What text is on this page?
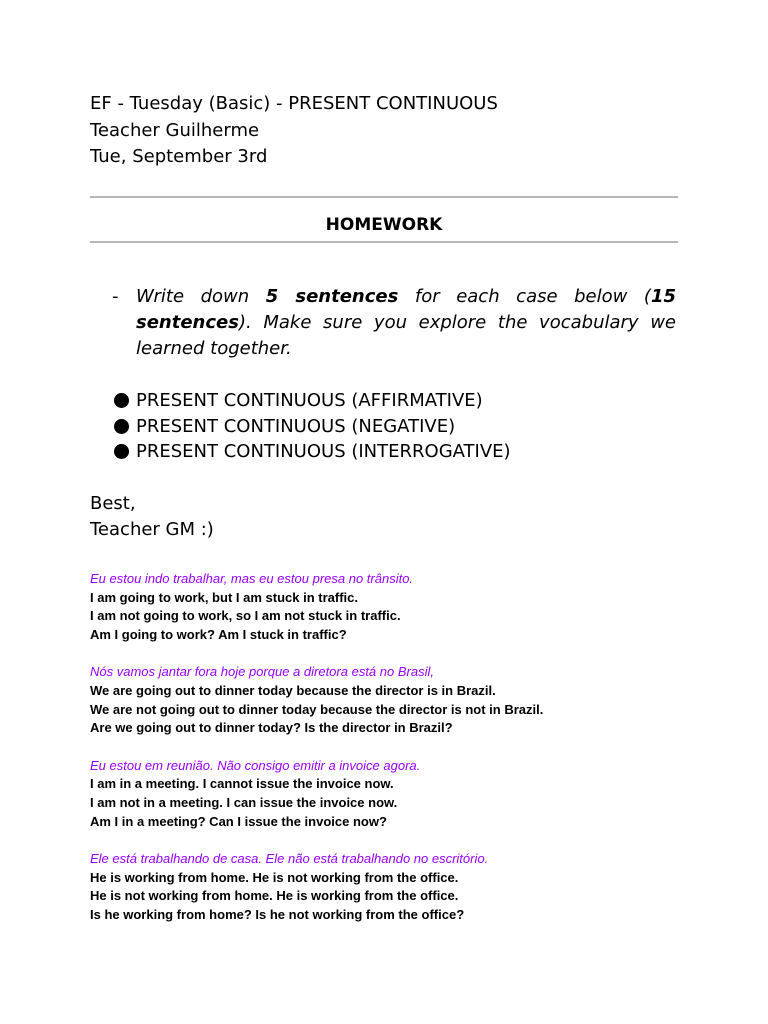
EF - Tuesday (Basic) - PRESENT CONTINUOUS
Teacher Guilherme
Tue, September 3rd
HOMEWORK
- Write down 5 sentences for each case below (15 sentences). Make sure you explore the vocabulary we learned together.
PRESENT CONTINUOUS (AFFIRMATIVE)
PRESENT CONTINUOUS (NEGATIVE)
PRESENT CONTINUOUS (INTERROGATIVE)
Best,
Teacher GM :)
Eu estou indo trabalhar, mas eu estou presa no trânsito.
I am going to work, but I am stuck in traffic.
I am not going to work, so I am not stuck in traffic.
Am I going to work? Am I stuck in traffic?
Nós vamos jantar fora hoje porque a diretora está no Brasil,
We are going out to dinner today because the director is in Brazil.
We are not going out to dinner today because the director is not in Brazil.
Are we going out to dinner today? Is the director in Brazil?
Eu estou em reunião. Não consigo emitir a invoice agora.
I am in a meeting. I cannot issue the invoice now.
I am not in a meeting. I can issue the invoice now.
Am I in a meeting? Can I issue the invoice now?
Ele está trabalhando de casa. Ele não está trabalhando no escritório.
He is working from home. He is not working from the office.
He is not working from home. He is working from the office.
Is he working from home? Is he not working from the office?
